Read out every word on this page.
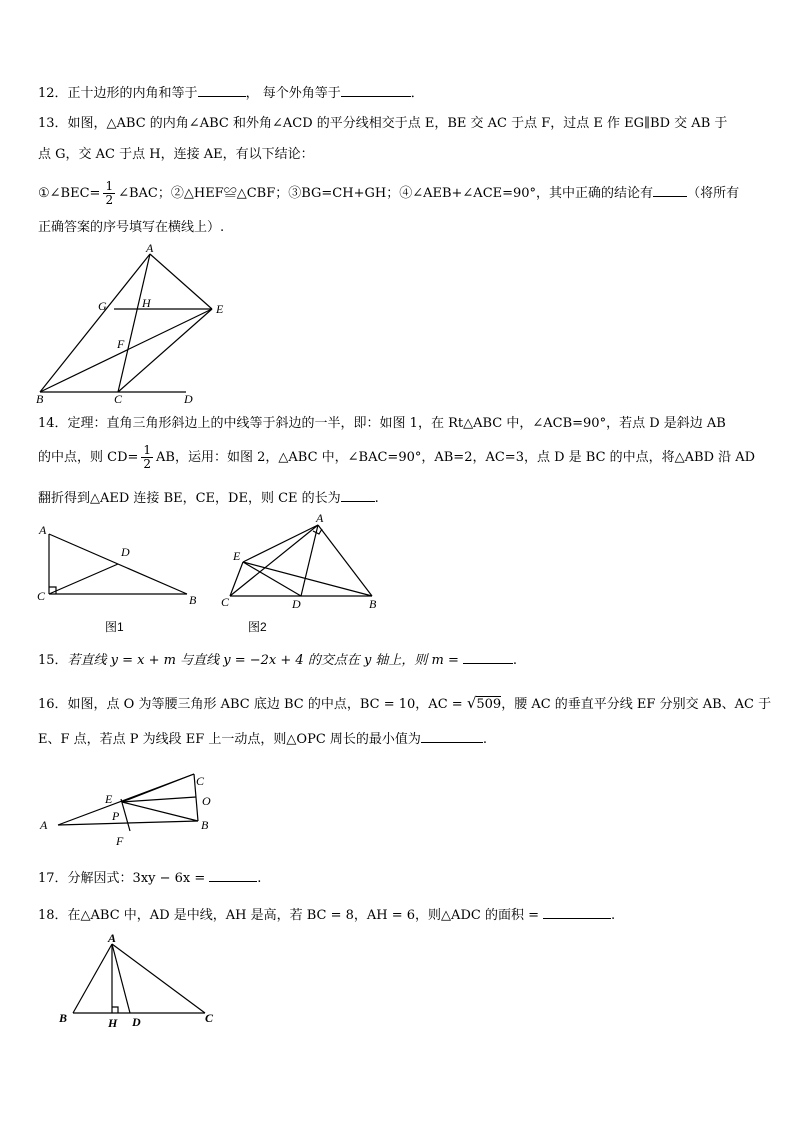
12．正十边形的内角和等于	， 每个外角等于	．
13．如图，△ABC 的内角∠ABC 和外角∠ACD 的平分线相交于点 E，BE 交 AC 于点 F，过点 E 作 EG∥BD 交 AB 于
点 G，交 AC 于点 H，连接 AE，有以下结论：
①∠BEC= $\frac{1}{2}$ ∠BAC；②△HEF≌△CBF；③BG=CH+GH；④∠AEB+∠ACE=90°，其中正确的结论有	（将所有
正确答案的序号填写在横线上）.
A
G	H	E
F
B	C	D
14．定理：直角三角形斜边上的中线等于斜边的一半，即：如图 1，在 Rt△ABC 中，∠ACB=90°，若点 D 是斜边 AB
的中点，则 $CD= \frac{1}{2}$ AB，运用：如图 2，△ABC 中，∠BAC=90°，AB=2，AC=3，点 D 是 BC 的中点，将△ABD 沿 AD
翻折得到△AED 连接 BE，CE，DE，则 CE 的长为	.
A
D
C	B
图1
A
E
C	D	B
图2
15．若直线 y = x + m 与直线 y = −2x + 4 的交点在 y 轴上，则 m =	.
16．如图，点 O 为等腰三角形 ABC 底边 BC 的中点，BC = 10，AC = √509，腰 AC 的垂直平分线 EF 分别交 AB、AC 于
E、F 点，若点 P 为线段 EF 上一动点，则△OPC 周长的最小值为	.
C
E	O
A
P
B
F
17．分解因式：3xy − 6x =	.
18．在△ABC 中，AD 是中线，AH 是高，若 BC = 8，AH = 6，则△ADC 的面积 =	.
A
B	H D	C
